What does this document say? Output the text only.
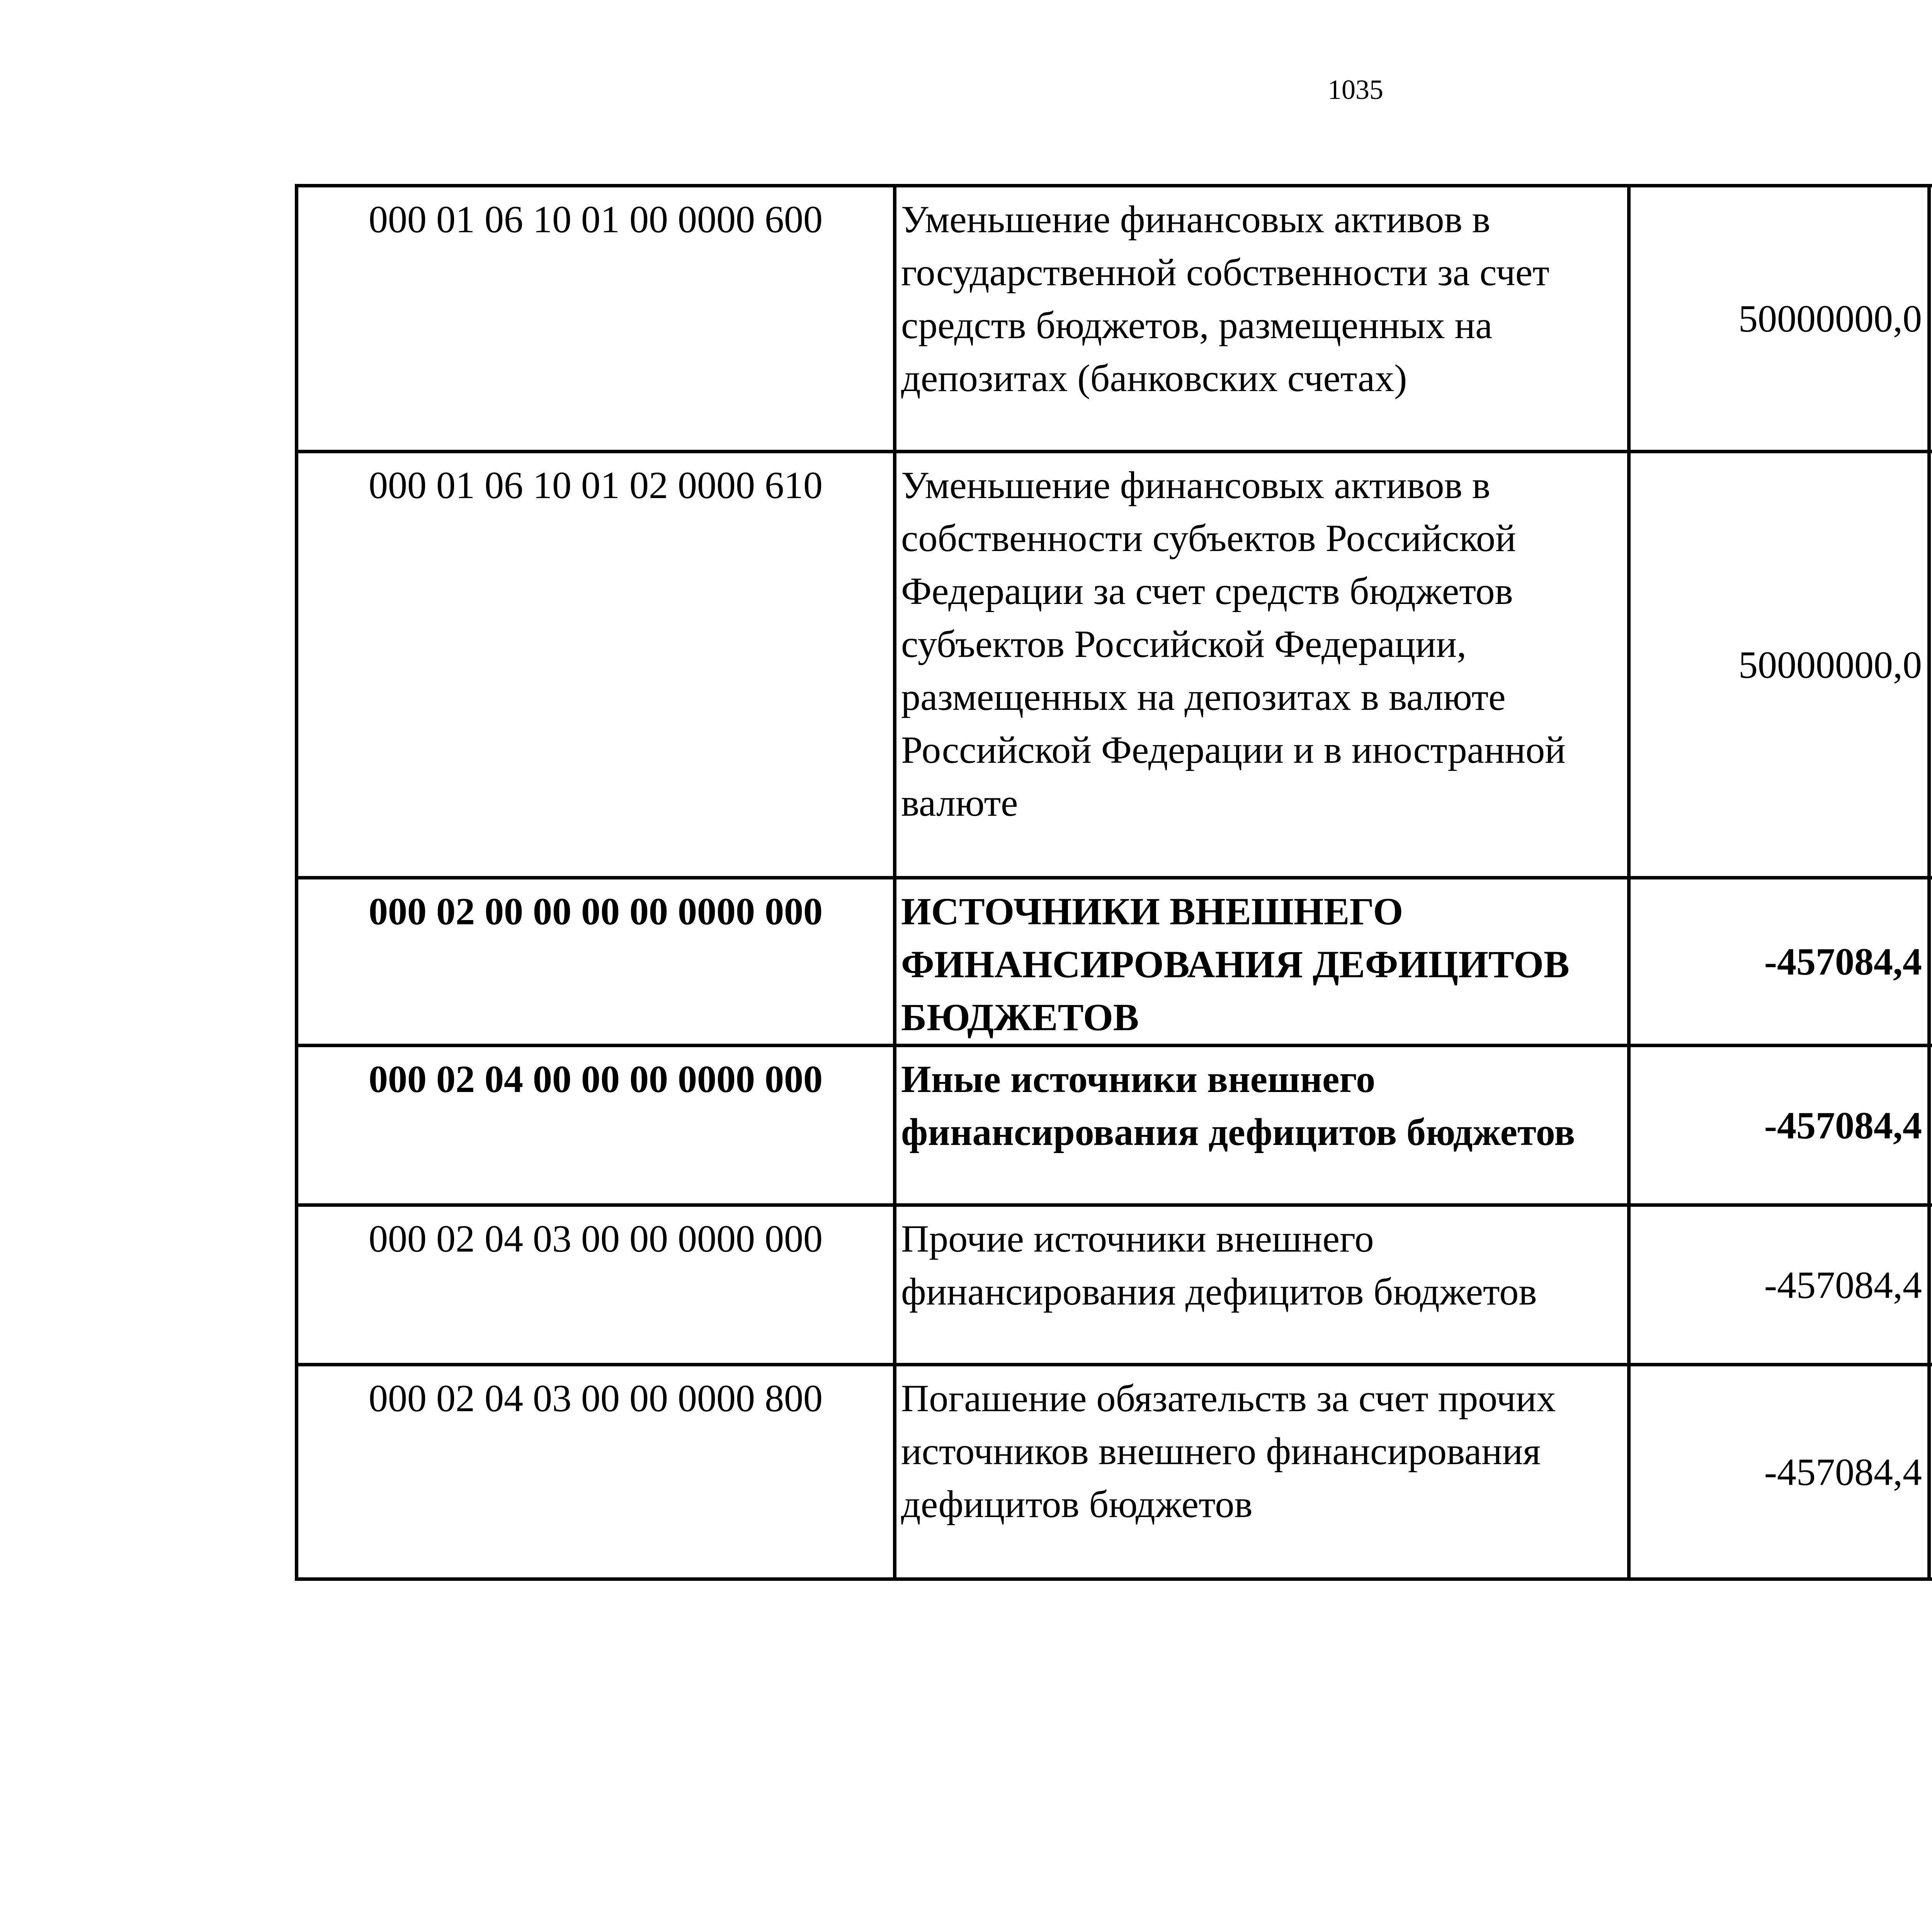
1035
000 01 06 10 01 00 0000 600	Уменьшение финансовых активов в государственной собственности за счет средств бюджетов, размещенных на депозитах (банковских счетах)	50000000,0		
000 01 06 10 01 02 0000 610	Уменьшение финансовых активов в собственности субъектов Российской Федерации за счет средств бюджетов субъектов Российской Федерации, размещенных на депозитах в валюте Российской Федерации и в иностранной валюте	50000000,0		
000 02 00 00 00 00 0000 000	ИСТОЧНИКИ ВНЕШНЕГО ФИНАНСИРОВАНИЯ ДЕФИЦИТОВ БЮДЖЕТОВ	-457084,4		
000 02 04 00 00 00 0000 000	Иные источники внешнего финансирования дефицитов бюджетов	-457084,4		
000 02 04 03 00 00 0000 000	Прочие источники внешнего финансирования дефицитов бюджетов	-457084,4		
000 02 04 03 00 00 0000 800	Погашение обязательств за счет прочих источников внешнего финансирования дефицитов бюджетов	-457084,4		
